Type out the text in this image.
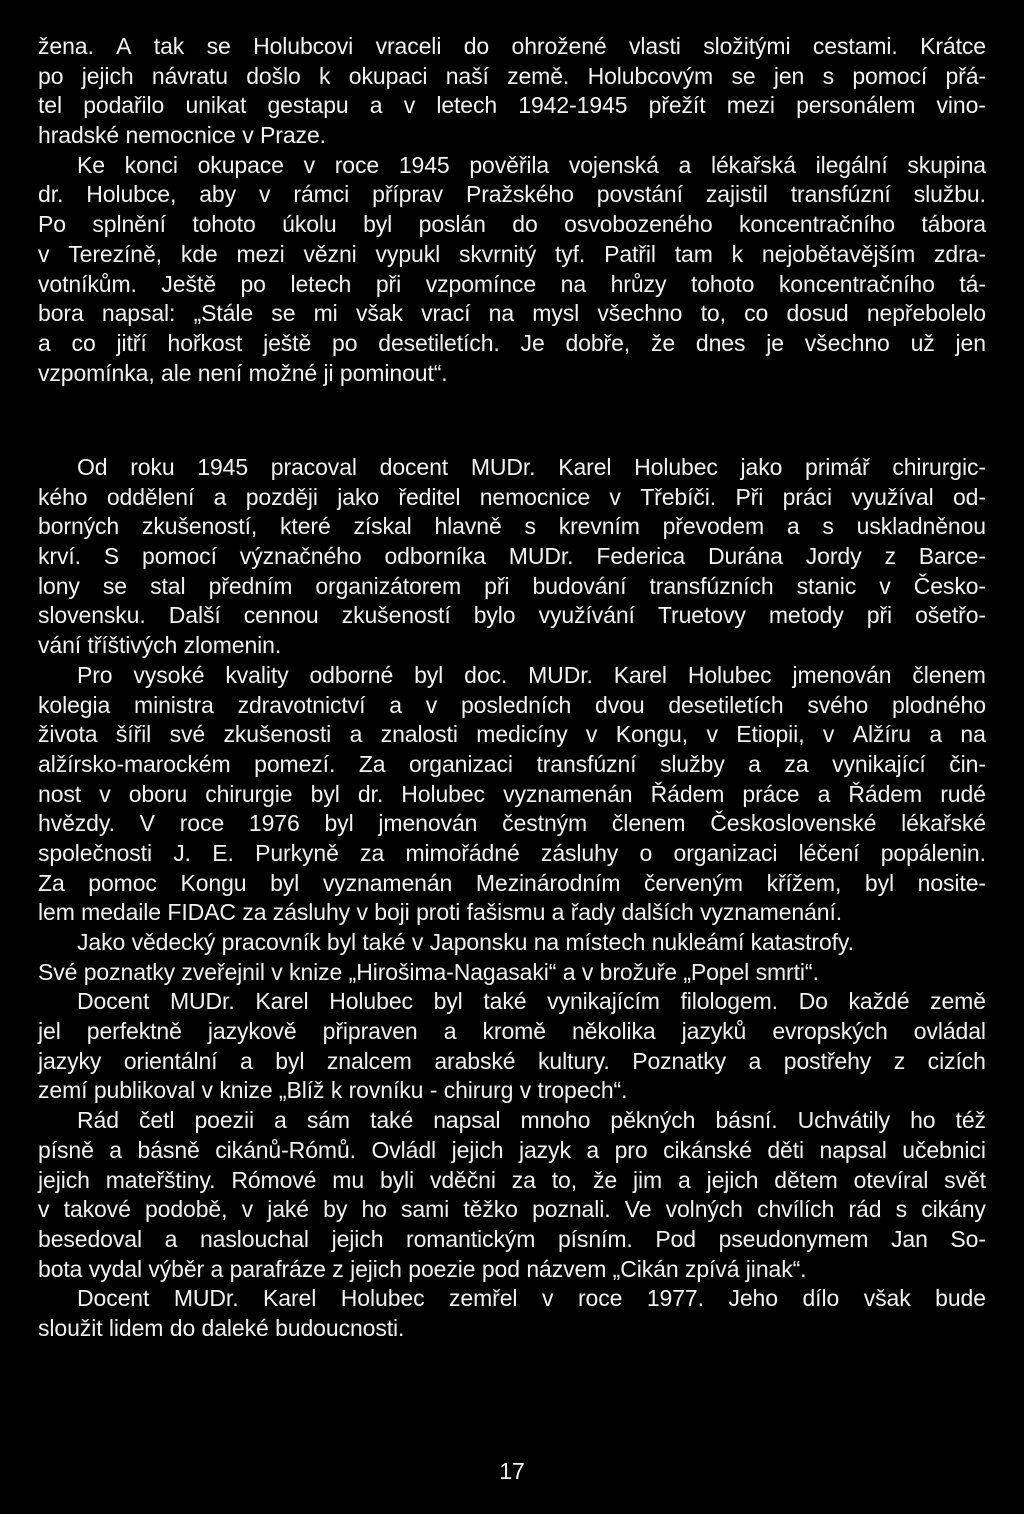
žena. A tak se Holubcovi vraceli do ohrožené vlasti složitými cestami. Krátce
po jejich návratu došlo k okupaci naší země. Holubcovým se jen s pomocí přá-
tel podařilo unikat gestapu a v letech 1942-1945 přežít mezi personálem vino-
hradské nemocnice v Praze.
Ke konci okupace v roce 1945 pověřila vojenská a lékařská ilegální skupina
dr. Holubce, aby v rámci příprav Pražského povstání zajistil transfúzní službu.
Po splnění tohoto úkolu byl poslán do osvobozeného koncentračního tábora
v Terezíně, kde mezi vězni vypukl skvrnitý tyf. Patřil tam k nejobětavějším zdra-
votníkům. Ještě po letech při vzpomínce na hrůzy tohoto koncentračního tá-
bora napsal: „Stále se mi však vrací na mysl všechno to, co dosud nepřebolelo
a co jitří hořkost ještě po desetiletích. Je dobře, že dnes je všechno už jen
vzpomínka, ale není možné ji pominout“.
Od roku 1945 pracoval docent MUDr. Karel Holubec jako primář chirurgic-
kého oddělení a později jako ředitel nemocnice v Třebíči. Při práci využíval od-
borných zkušeností, které získal hlavně s krevním převodem a s uskladněnou
krví. S pomocí význačného odborníka MUDr. Federica Durána Jordy z Barce-
lony se stal předním organizátorem při budování transfúzních stanic v Česko-
slovensku. Další cennou zkušeností bylo využívání Truetovy metody při ošetřo-
vání tříštivých zlomenin.
Pro vysoké kvality odborné byl doc. MUDr. Karel Holubec jmenován členem
kolegia ministra zdravotnictví a v posledních dvou desetiletích svého plodného
života šířil své zkušenosti a znalosti medicíny v Kongu, v Etiopii, v Alžíru a na
alžírsko-marockém pomezí. Za organizaci transfúzní služby a za vynikající čin-
nost v oboru chirurgie byl dr. Holubec vyznamenán Řádem práce a Řádem rudé
hvězdy. V roce 1976 byl jmenován čestným členem Československé lékařské
společnosti J. E. Purkyně za mimořádné zásluhy o organizaci léčení popálenin.
Za pomoc Kongu byl vyznamenán Mezinárodním červeným křížem, byl nosite-
lem medaile FIDAC za zásluhy v boji proti fašismu a řady dalších vyznamenání.
Jako vědecký pracovník byl také v Japonsku na místech nukleámí katastrofy.
Své poznatky zveřejnil v knize „Hirošima-Nagasaki“ a v brožuře „Popel smrti“.
Docent MUDr. Karel Holubec byl také vynikajícím filologem. Do každé země
jel perfektně jazykově připraven a kromě několika jazyků evropských ovládal
jazyky orientální a byl znalcem arabské kultury. Poznatky a postřehy z cizích
zemí publikoval v knize „Blíž k rovníku - chirurg v tropech“.
Rád četl poezii a sám také napsal mnoho pěkných básní. Uchvátily ho též
písně a básně cikánů-Rómů. Ovládl jejich jazyk a pro cikánské děti napsal učebnici
jejich mateřštiny. Rómové mu byli vděčni za to, že jim a jejich dětem otevíral svět
v takové podobě, v jaké by ho sami těžko poznali. Ve volných chvílích rád s cikány
besedoval a naslouchal jejich romantickým písním. Pod pseudonymem Jan So-
bota vydal výběr a parafráze z jejich poezie pod názvem „Cikán zpívá jinak“.
Docent MUDr. Karel Holubec zemřel v roce 1977. Jeho dílo však bude
sloužit lidem do daleké budoucnosti.
17
